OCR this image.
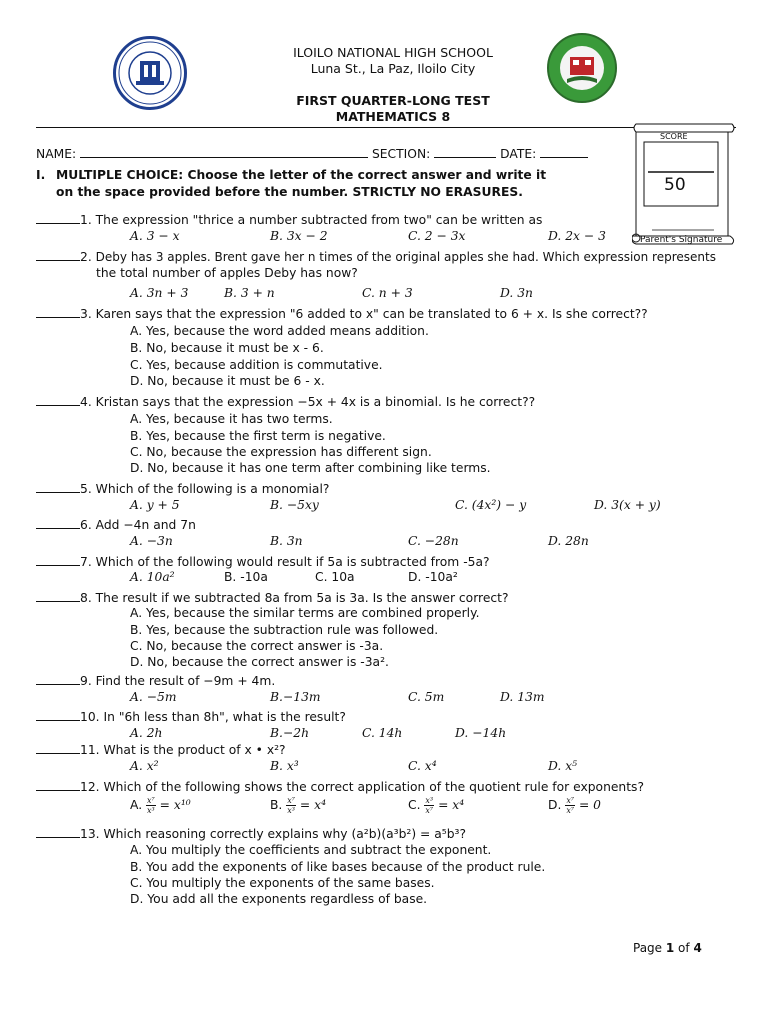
ILOILO NATIONAL HIGH SCHOOL
Luna St., La Paz, Iloilo City
FIRST QUARTER-LONG TEST
MATHEMATICS 8
SCORE
50
Parent's Signature
NAME:	SECTION:	DATE:
I. MULTIPLE CHOICE: Choose the letter of the correct answer and write it
on the space provided before the number. STRICTLY NO ERASURES.
1. The expression "thrice a number subtracted from two" can be written as
A. 3 − x	B. 3x − 2	C. 2 − 3x	D. 2x − 3
2. Deby has 3 apples. Brent gave her n times of the original apples she had. Which expression represents
the total number of apples Deby has now?
A. 3n + 3	B. 3 + n	C. n + 3	D. 3n
3. Karen says that the expression "6 added to x" can be translated to 6 + x. Is she correct??
A. Yes, because the word added means addition.
B. No, because it must be x - 6.
C. Yes, because addition is commutative.
D. No, because it must be 6 - x.
4. Kristan says that the expression −5x + 4x is a binomial. Is he correct??
A. Yes, because it has two terms.
B. Yes, because the first term is negative.
C. No, because the expression has different sign.
D. No, because it has one term after combining like terms.
5. Which of the following is a monomial?
A. y + 5	B. −5xy	C. (4x²) − y	D. 3(x + y)
6. Add −4n and 7n
A. −3n	B. 3n	C. −28n	D. 28n
7. Which of the following would result if 5a is subtracted from -5a?
A. 10a²	B. -10a	C. 10a	D. -10a²
8. The result if we subtracted 8a from 5a is 3a. Is the answer correct?
A. Yes, because the similar terms are combined properly.
B. Yes, because the subtraction rule was followed.
C. No, because the correct answer is -3a.
D. No, because the correct answer is -3a².
9. Find the result of −9m + 4m.
A. −5m	B.−13m	C. 5m	D. 13m
10. In "6h less than 8h", what is the result?
A. 2h	B.−2h	C. 14h	D. −14h
11. What is the product of x • x²?
A. x²	B. x³	C. x⁴	D. x⁵
12. Which of the following shows the correct application of the quotient rule for exponents?
A. $\frac{\text{x⁷}}{\text{x³}} = x^{10}$	B. $\frac{\text{x⁷}}{\text{x³}} = x^4$	C. $\frac{\text{x³}}{\text{x⁷}} = x^4$	D. $\frac{\text{x⁷}}{\text{x⁷}} = 0$
13. Which reasoning correctly explains why (a²b)(a³b²) = a⁵b³?
A. You multiply the coefficients and subtract the exponent.
B. You add the exponents of like bases because of the product rule.
C. You multiply the exponents of the same bases.
D. You add all the exponents regardless of base.
Page 1 of 4
